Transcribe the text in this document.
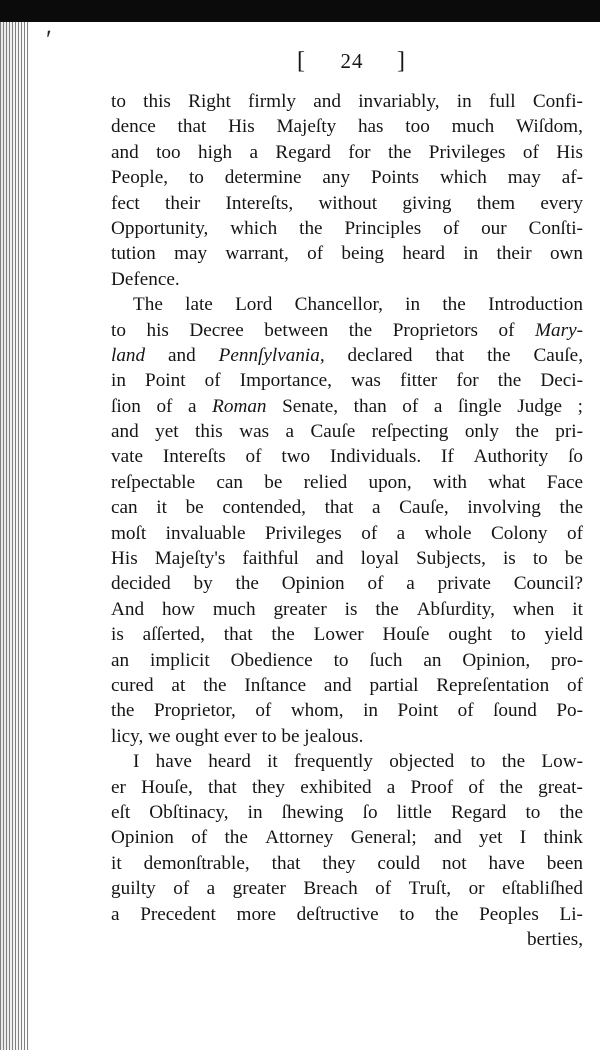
ʹ
[ 24 ]
to this Right firmly and invariably, in full Confi-
dence that His Majeſty has too much Wiſdom,
and too high a Regard for the Privileges of His
People, to determine any Points which may af-
fect their Intereſts, without giving them every
Opportunity, which the Principles of our Conſti-
tution may warrant, of being heard in their own
Defence.
The late Lord Chancellor, in the Introduction
to his Decree between the Proprietors of Mary-
land and Pennſylvania, declared that the Cauſe,
in Point of Importance, was fitter for the Deci-
ſion of a Roman Senate, than of a ſingle Judge ;
and yet this was a Cauſe reſpecting only the pri-
vate Intereſts of two Individuals. If Authority ſo
reſpectable can be relied upon, with what Face
can it be contended, that a Cauſe, involving the
moſt invaluable Privileges of a whole Colony of
His Majeſty's faithful and loyal Subjects, is to be
decided by the Opinion of a private Council?
And how much greater is the Abſurdity, when it
is aſſerted, that the Lower Houſe ought to yield
an implicit Obedience to ſuch an Opinion, pro-
cured at the Inſtance and partial Repreſentation of
the Proprietor, of whom, in Point of ſound Po-
licy,
we
ought
ever
to
be
jealous.
I have heard it frequently objected to the Low-
er Houſe, that they exhibited a Proof of the great-
eſt Obſtinacy, in ſhewing ſo little Regard to the
Opinion of the Attorney General; and yet I think
it demonſtrable, that they could not have been
guilty of a greater Breach of Truſt, or eſtabliſhed
a Precedent more deſtructive to the Peoples Li-
berties,
